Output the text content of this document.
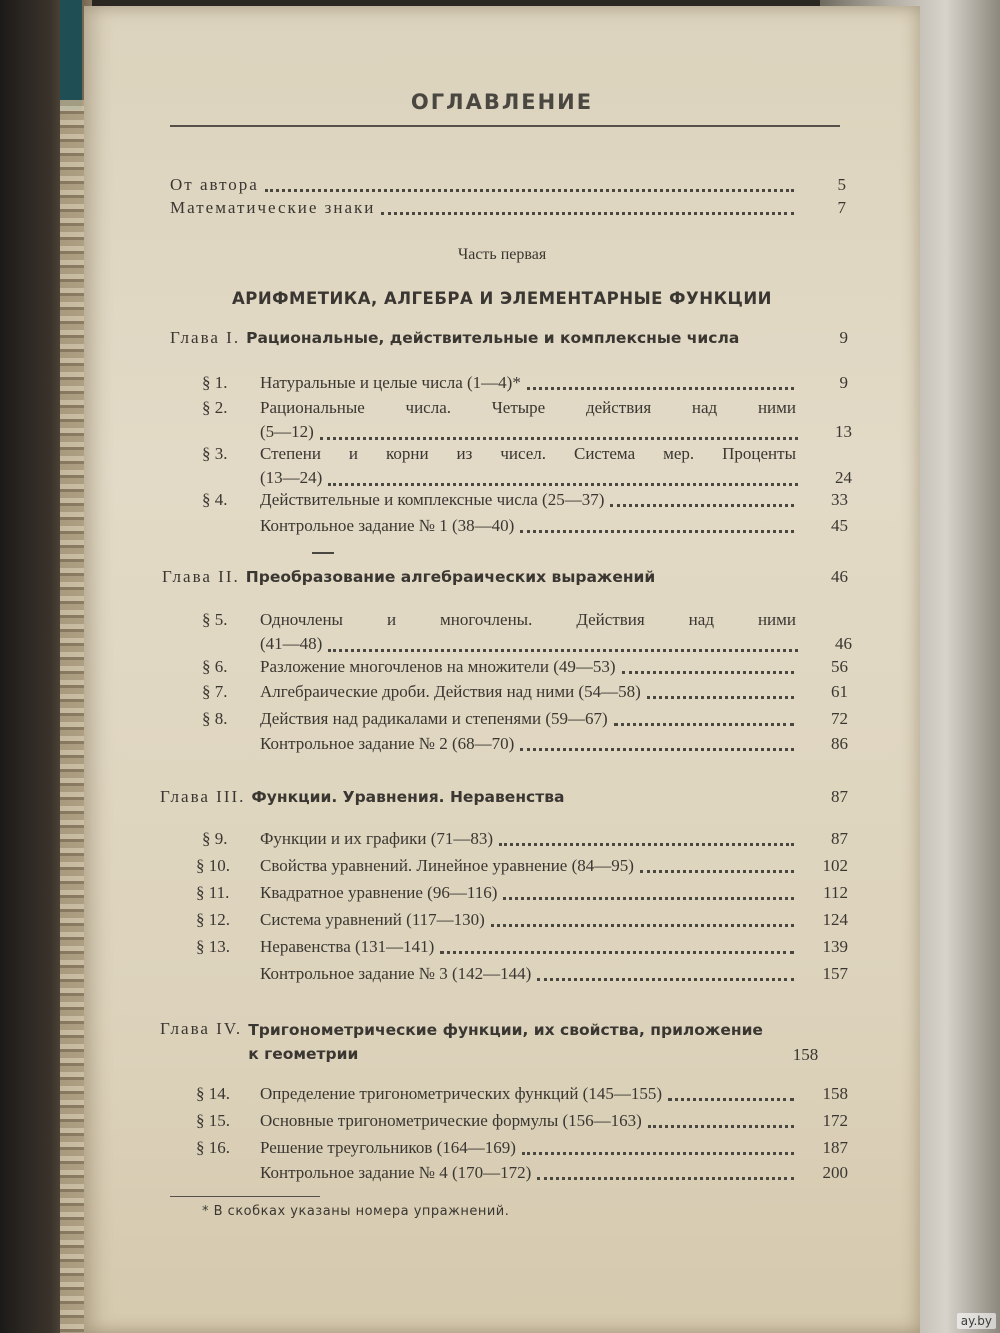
ОГЛАВЛЕНИЕ
От автора	5
Математические знаки	7
Часть первая
АРИФМЕТИКА, АЛГЕБРА И ЭЛЕМЕНТАРНЫЕ ФУНКЦИИ
Глава I. Рациональные, действительные и комплексные числа	9
§ 1.	Натуральные и целые числа (1—4)*	9
§ 2.	Рациональные числа. Четыре действия над ними
(5—12)	13
§ 3.	Степени и корни из чисел. Система мер. Проценты
(13—24)	24
§ 4.	Действительные и комплексные числа (25—37)	33
Контрольное задание № 1 (38—40)	45
Глава II. Преобразование алгебраических выражений	46
§ 5.	Одночлены и многочлены. Действия над ними
(41—48)	46
§ 6.	Разложение многочленов на множители (49—53)	56
§ 7.	Алгебраические дроби. Действия над ними (54—58)	61
§ 8.	Действия над радикалами и степенями (59—67)	72
Контрольное задание № 2 (68—70)	86
Глава III. Функции. Уравнения. Неравенства	87
§ 9.	Функции и их графики (71—83)	87
§ 10.	Свойства уравнений. Линейное уравнение (84—95)	102
§ 11.	Квадратное уравнение (96—116)	112
§ 12.	Система уравнений (117—130)	124
§ 13.	Неравенства (131—141)	139
Контрольное задание № 3 (142—144)	157
Глава IV. Тригонометрические функции, их свойства, приложение к геометрии	158
§ 14.	Определение тригонометрических функций (145—155)	158
§ 15.	Основные тригонометрические формулы (156—163)	172
§ 16.	Решение треугольников (164—169)	187
Контрольное задание № 4 (170—172)	200
* В скобках указаны номера упражнений.
ay.by
